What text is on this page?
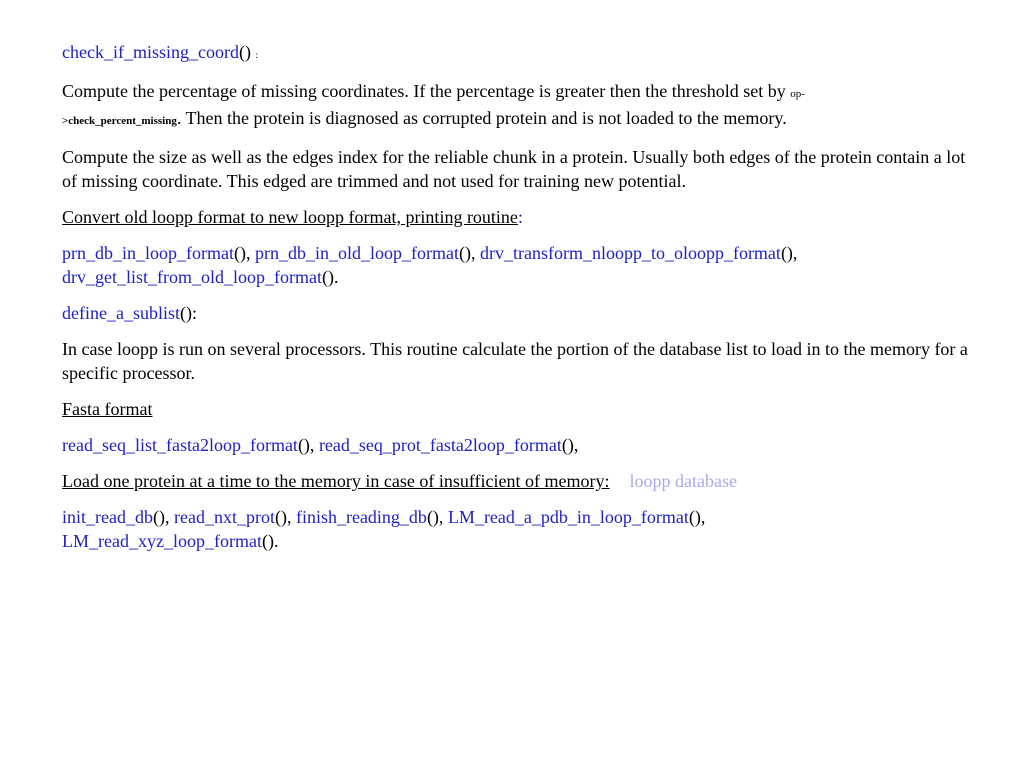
check_if_missing_coord() :

Compute the percentage of missing coordinates. If the percentage is greater then the threshold set by op-
>check_percent_missing. Then the protein is diagnosed as corrupted protein and is not loaded to the memory.

Compute the size as well as the edges index for the reliable chunk in a protein. Usually both edges of the protein contain a lot of missing coordinate. This edged are trimmed and not used for training new potential.

Convert old loopp format to new loopp format, printing routine:

prn_db_in_loop_format(), prn_db_in_old_loop_format(), drv_transform_nloopp_to_oloopp_format(),
drv_get_list_from_old_loop_format().

define_a_sublist():

In case loopp is run on several processors. This routine calculate the portion of the database list to load in to the memory for a specific processor.

Fasta format

read_seq_list_fasta2loop_format(), read_seq_prot_fasta2loop_format(),

Load one protein at a time to the memory in case of insufficient of memory: loopp database

init_read_db(), read_nxt_prot(), finish_reading_db(), LM_read_a_pdb_in_loop_format(),
LM_read_xyz_loop_format().
